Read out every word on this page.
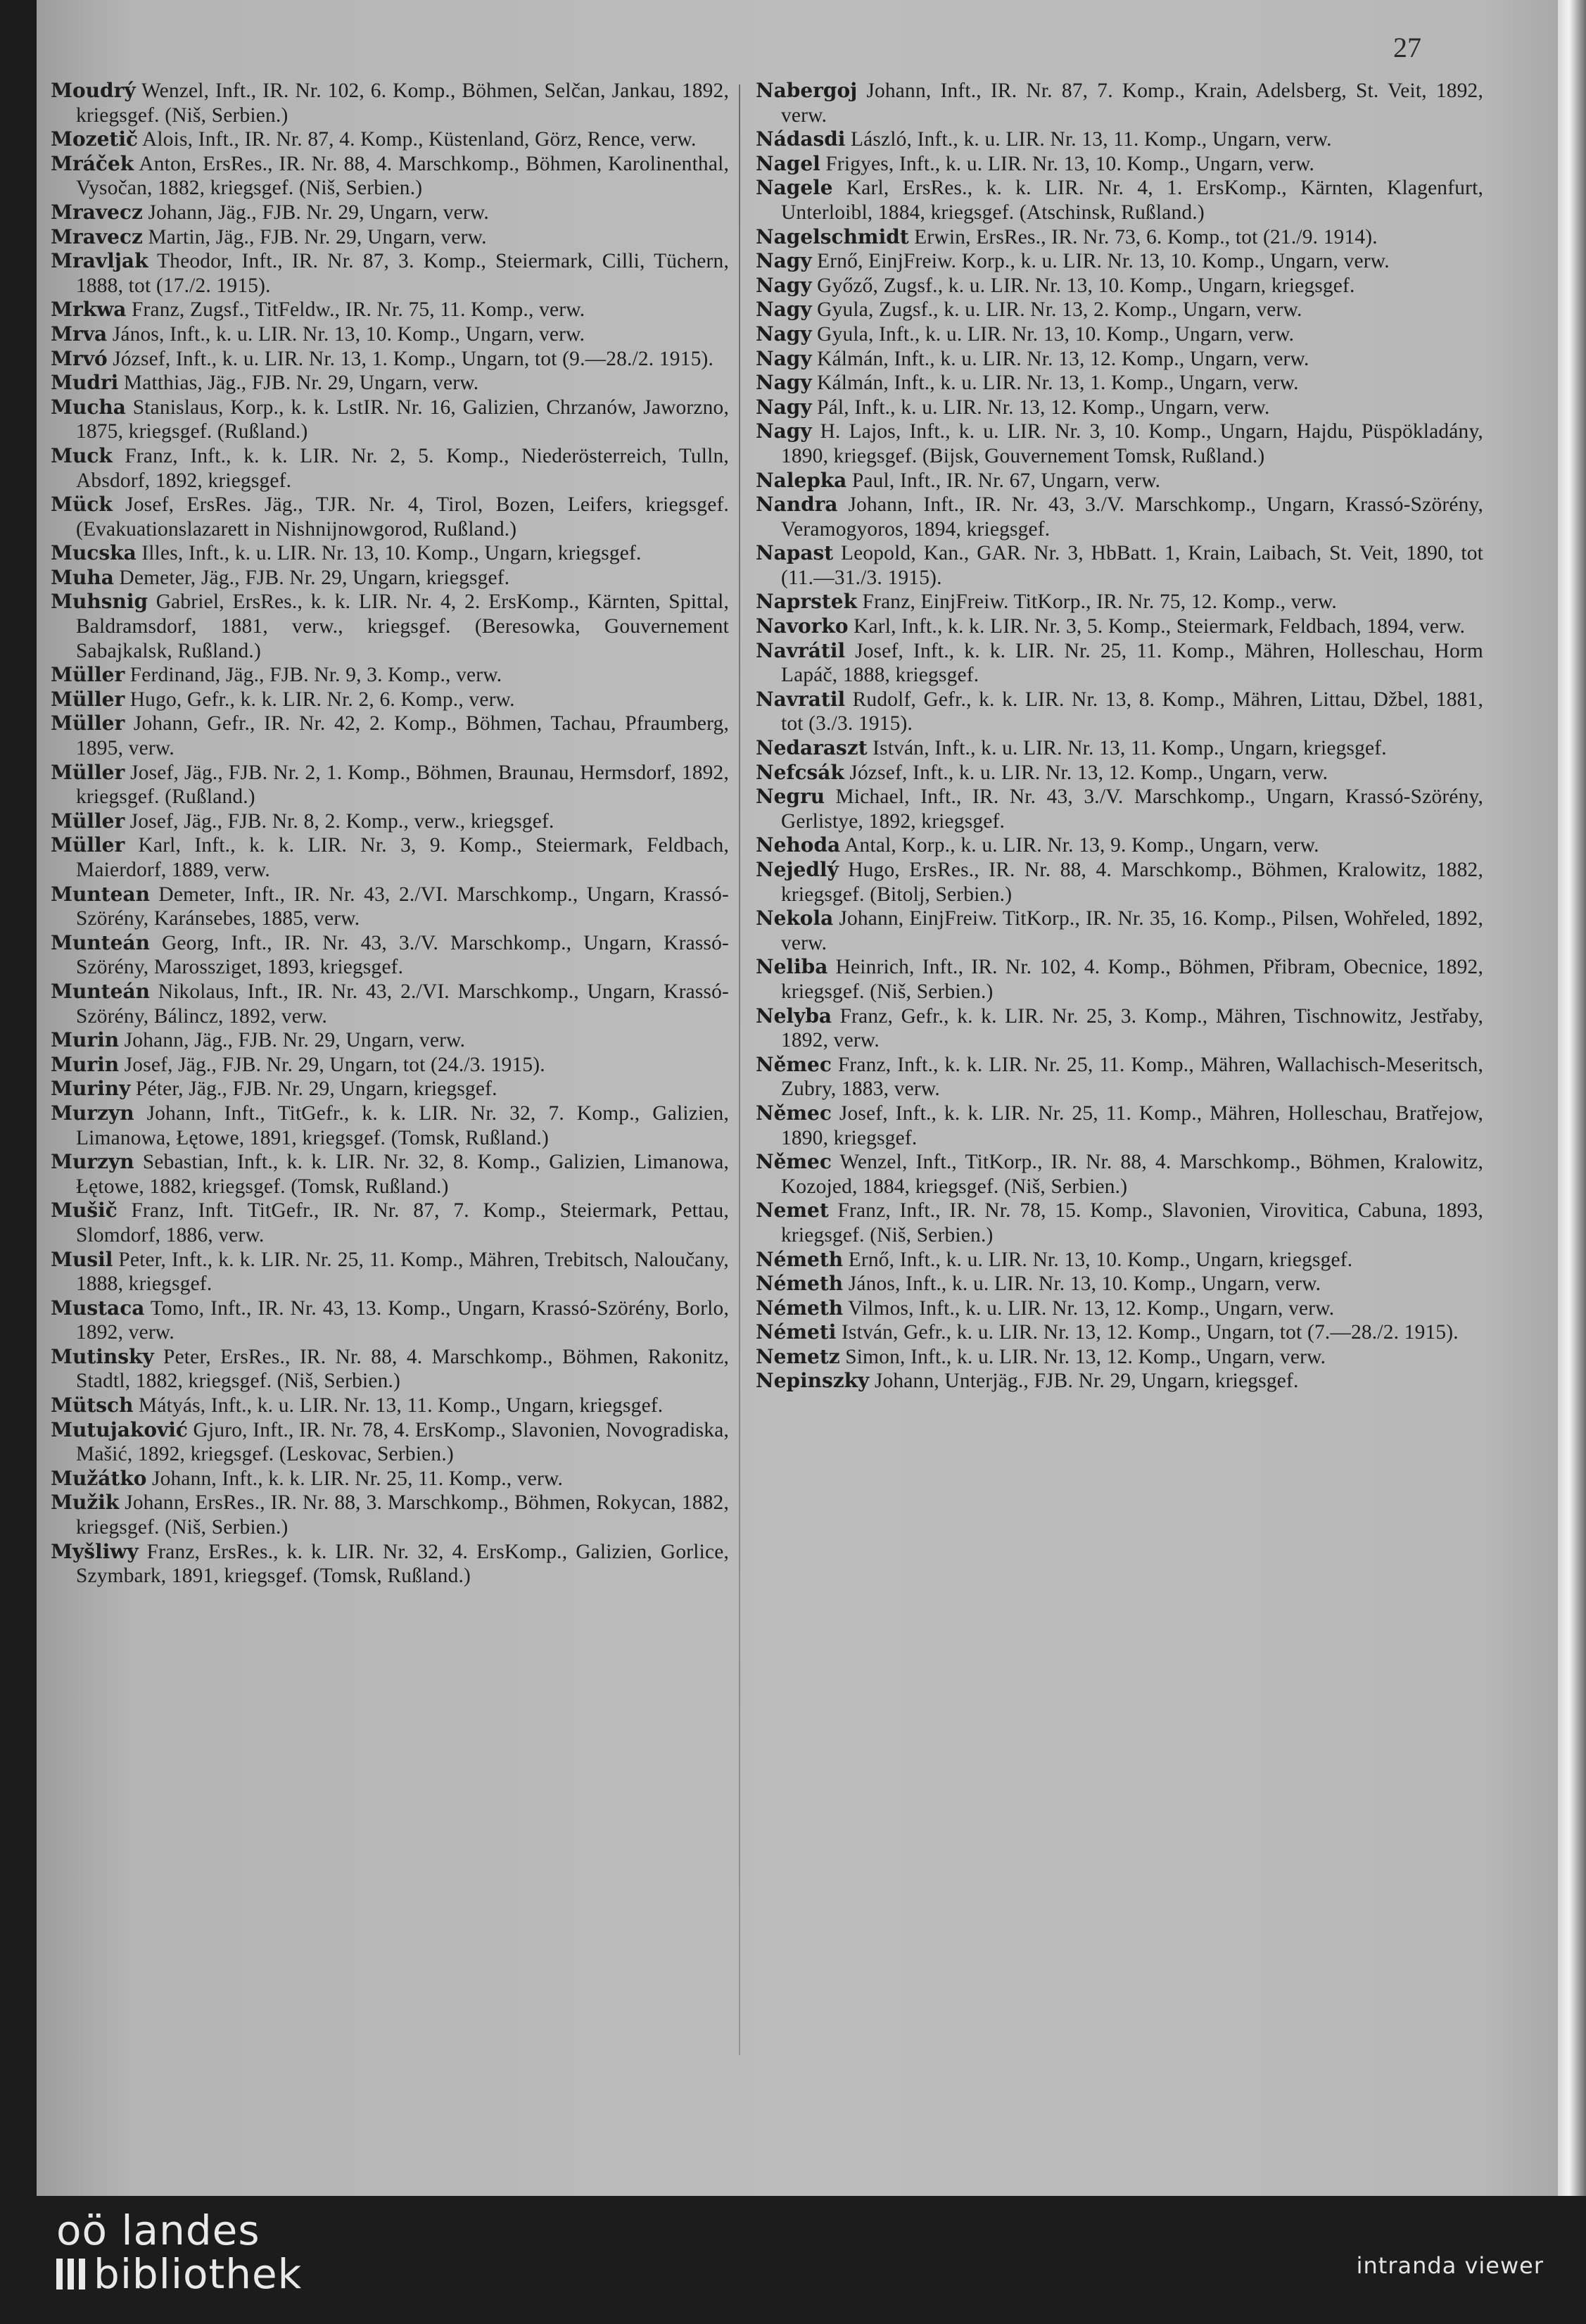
27

Moudrý Wenzel, Inft., IR. Nr. 102, 6. Komp., Böhmen, Selčan, Jankau, 1892, kriegsgef. (Niš, Serbien.)

Mozetič Alois, Inft., IR. Nr. 87, 4. Komp., Küstenland, Görz, Rence, verw.

Mráček Anton, ErsRes., IR. Nr. 88, 4. Marschkomp., Böhmen, Karolinenthal, Vysočan, 1882, kriegsgef. (Niš, Serbien.)

Mravecz Johann, Jäg., FJB. Nr. 29, Ungarn, verw.

Mravecz Martin, Jäg., FJB. Nr. 29, Ungarn, verw.

Mravljak Theodor, Inft., IR. Nr. 87, 3. Komp., Steiermark, Cilli, Tüchern, 1888, tot (17./2. 1915).

Mrkwa Franz, Zugsf., TitFeldw., IR. Nr. 75, 11. Komp., verw.

Mrva János, Inft., k. u. LIR. Nr. 13, 10. Komp., Ungarn, verw.

Mrvó József, Inft., k. u. LIR. Nr. 13, 1. Komp., Ungarn, tot (9.—28./2. 1915).

Mudri Matthias, Jäg., FJB. Nr. 29, Ungarn, verw.

Mucha Stanislaus, Korp., k. k. LstIR. Nr. 16, Galizien, Chrzanów, Jaworzno, 1875, kriegsgef. (Rußland.)

Muck Franz, Inft., k. k. LIR. Nr. 2, 5. Komp., Niederösterreich, Tulln, Absdorf, 1892, kriegsgef.

Mück Josef, ErsRes. Jäg., TJR. Nr. 4, Tirol, Bozen, Leifers, kriegsgef. (Evakuationslazarett in Nishnijnowgorod, Rußland.)

Mucska Illes, Inft., k. u. LIR. Nr. 13, 10. Komp., Ungarn, kriegsgef.

Muha Demeter, Jäg., FJB. Nr. 29, Ungarn, kriegsgef.

Muhsnig Gabriel, ErsRes., k. k. LIR. Nr. 4, 2. ErsKomp., Kärnten, Spittal, Baldramsdorf, 1881, verw., kriegsgef. (Beresowka, Gouvernement Sabajkalsk, Rußland.)

Müller Ferdinand, Jäg., FJB. Nr. 9, 3. Komp., verw.

Müller Hugo, Gefr., k. k. LIR. Nr. 2, 6. Komp., verw.

Müller Johann, Gefr., IR. Nr. 42, 2. Komp., Böhmen, Tachau, Pfraumberg, 1895, verw.

Müller Josef, Jäg., FJB. Nr. 2, 1. Komp., Böhmen, Braunau, Hermsdorf, 1892, kriegsgef. (Rußland.)

Müller Josef, Jäg., FJB. Nr. 8, 2. Komp., verw., kriegsgef.

Müller Karl, Inft., k. k. LIR. Nr. 3, 9. Komp., Steiermark, Feldbach, Maierdorf, 1889, verw.

Muntean Demeter, Inft., IR. Nr. 43, 2./VI. Marschkomp., Ungarn, Krassó-Szörény, Karánsebes, 1885, verw.

Munteán Georg, Inft., IR. Nr. 43, 3./V. Marschkomp., Ungarn, Krassó-Szörény, Marossziget, 1893, kriegsgef.

Munteán Nikolaus, Inft., IR. Nr. 43, 2./VI. Marschkomp., Ungarn, Krassó-Szörény, Bálincz, 1892, verw.

Murin Johann, Jäg., FJB. Nr. 29, Ungarn, verw.

Murin Josef, Jäg., FJB. Nr. 29, Ungarn, tot (24./3. 1915).

Muriny Péter, Jäg., FJB. Nr. 29, Ungarn, kriegsgef.

Murzyn Johann, Inft., TitGefr., k. k. LIR. Nr. 32, 7. Komp., Galizien, Limanowa, Łętowe, 1891, kriegsgef. (Tomsk, Rußland.)

Murzyn Sebastian, Inft., k. k. LIR. Nr. 32, 8. Komp., Galizien, Limanowa, Łętowe, 1882, kriegsgef. (Tomsk, Rußland.)

Mušič Franz, Inft. TitGefr., IR. Nr. 87, 7. Komp., Steiermark, Pettau, Slomdorf, 1886, verw.

Musil Peter, Inft., k. k. LIR. Nr. 25, 11. Komp., Mähren, Trebitsch, Naloučany, 1888, kriegsgef.

Mustaca Tomo, Inft., IR. Nr. 43, 13. Komp., Ungarn, Krassó-Szörény, Borlo, 1892, verw.

Mutinsky Peter, ErsRes., IR. Nr. 88, 4. Marschkomp., Böhmen, Rakonitz, Stadtl, 1882, kriegsgef. (Niš, Serbien.)

Mütsch Mátyás, Inft., k. u. LIR. Nr. 13, 11. Komp., Ungarn, kriegsgef.

Mutujaković Gjuro, Inft., IR. Nr. 78, 4. ErsKomp., Slavonien, Novogradiska, Mašić, 1892, kriegsgef. (Leskovac, Serbien.)

Mužátko Johann, Inft., k. k. LIR. Nr. 25, 11. Komp., verw.

Mužik Johann, ErsRes., IR. Nr. 88, 3. Marschkomp., Böhmen, Rokycan, 1882, kriegsgef. (Niš, Serbien.)

Myšliwy Franz, ErsRes., k. k. LIR. Nr. 32, 4. ErsKomp., Galizien, Gorlice, Szymbark, 1891, kriegsgef. (Tomsk, Rußland.)

Nabergoj Johann, Inft., IR. Nr. 87, 7. Komp., Krain, Adelsberg, St. Veit, 1892, verw.

Nádasdi László, Inft., k. u. LIR. Nr. 13, 11. Komp., Ungarn, verw.

Nagel Frigyes, Inft., k. u. LIR. Nr. 13, 10. Komp., Ungarn, verw.

Nagele Karl, ErsRes., k. k. LIR. Nr. 4, 1. ErsKomp., Kärnten, Klagenfurt, Unterloibl, 1884, kriegsgef. (Atschinsk, Rußland.)

Nagelschmidt Erwin, ErsRes., IR. Nr. 73, 6. Komp., tot (21./9. 1914).

Nagy Ernő, EinjFreiw. Korp., k. u. LIR. Nr. 13, 10. Komp., Ungarn, verw.

Nagy Győző, Zugsf., k. u. LIR. Nr. 13, 10. Komp., Ungarn, kriegsgef.

Nagy Gyula, Zugsf., k. u. LIR. Nr. 13, 2. Komp., Ungarn, verw.

Nagy Gyula, Inft., k. u. LIR. Nr. 13, 10. Komp., Ungarn, verw.

Nagy Kálmán, Inft., k. u. LIR. Nr. 13, 12. Komp., Ungarn, verw.

Nagy Kálmán, Inft., k. u. LIR. Nr. 13, 1. Komp., Ungarn, verw.

Nagy Pál, Inft., k. u. LIR. Nr. 13, 12. Komp., Ungarn, verw.

Nagy H. Lajos, Inft., k. u. LIR. Nr. 3, 10. Komp., Ungarn, Hajdu, Püspökladány, 1890, kriegsgef. (Bijsk, Gouvernement Tomsk, Rußland.)

Nalepka Paul, Inft., IR. Nr. 67, Ungarn, verw.

Nandra Johann, Inft., IR. Nr. 43, 3./V. Marschkomp., Ungarn, Krassó-Szörény, Veramogyoros, 1894, kriegsgef.

Napast Leopold, Kan., GAR. Nr. 3, HbBatt. 1, Krain, Laibach, St. Veit, 1890, tot (11.—31./3. 1915).

Naprstek Franz, EinjFreiw. TitKorp., IR. Nr. 75, 12. Komp., verw.

Navorko Karl, Inft., k. k. LIR. Nr. 3, 5. Komp., Steiermark, Feldbach, 1894, verw.

Navrátil Josef, Inft., k. k. LIR. Nr. 25, 11. Komp., Mähren, Holleschau, Horm Lapáč, 1888, kriegsgef.

Navratil Rudolf, Gefr., k. k. LIR. Nr. 13, 8. Komp., Mähren, Littau, Džbel, 1881, tot (3./3. 1915).

Nedaraszt István, Inft., k. u. LIR. Nr. 13, 11. Komp., Ungarn, kriegsgef.

Nefcsák József, Inft., k. u. LIR. Nr. 13, 12. Komp., Ungarn, verw.

Negru Michael, Inft., IR. Nr. 43, 3./V. Marschkomp., Ungarn, Krassó-Szörény, Gerlistye, 1892, kriegsgef.

Nehoda Antal, Korp., k. u. LIR. Nr. 13, 9. Komp., Ungarn, verw.

Nejedlý Hugo, ErsRes., IR. Nr. 88, 4. Marschkomp., Böhmen, Kralowitz, 1882, kriegsgef. (Bitolj, Serbien.)

Nekola Johann, EinjFreiw. TitKorp., IR. Nr. 35, 16. Komp., Pilsen, Wohřeled, 1892, verw.

Neliba Heinrich, Inft., IR. Nr. 102, 4. Komp., Böhmen, Přibram, Obecnice, 1892, kriegsgef. (Niš, Serbien.)

Nelyba Franz, Gefr., k. k. LIR. Nr. 25, 3. Komp., Mähren, Tischnowitz, Jestřaby, 1892, verw.

Němec Franz, Inft., k. k. LIR. Nr. 25, 11. Komp., Mähren, Wallachisch-Meseritsch, Zubry, 1883, verw.

Němec Josef, Inft., k. k. LIR. Nr. 25, 11. Komp., Mähren, Holleschau, Bratřejow, 1890, kriegsgef.

Němec Wenzel, Inft., TitKorp., IR. Nr. 88, 4. Marschkomp., Böhmen, Kralowitz, Kozojed, 1884, kriegsgef. (Niš, Serbien.)

Nemet Franz, Inft., IR. Nr. 78, 15. Komp., Slavonien, Virovitica, Cabuna, 1893, kriegsgef. (Niš, Serbien.)

Németh Ernő, Inft., k. u. LIR. Nr. 13, 10. Komp., Ungarn, kriegsgef.

Németh János, Inft., k. u. LIR. Nr. 13, 10. Komp., Ungarn, verw.

Németh Vilmos, Inft., k. u. LIR. Nr. 13, 12. Komp., Ungarn, verw.

Németi István, Gefr., k. u. LIR. Nr. 13, 12. Komp., Ungarn, tot (7.—28./2. 1915).

Nemetz Simon, Inft., k. u. LIR. Nr. 13, 12. Komp., Ungarn, verw.

Nepinszky Johann, Unterjäg., FJB. Nr. 29, Ungarn, kriegsgef.

oö landes
bibliothek	intranda viewer
